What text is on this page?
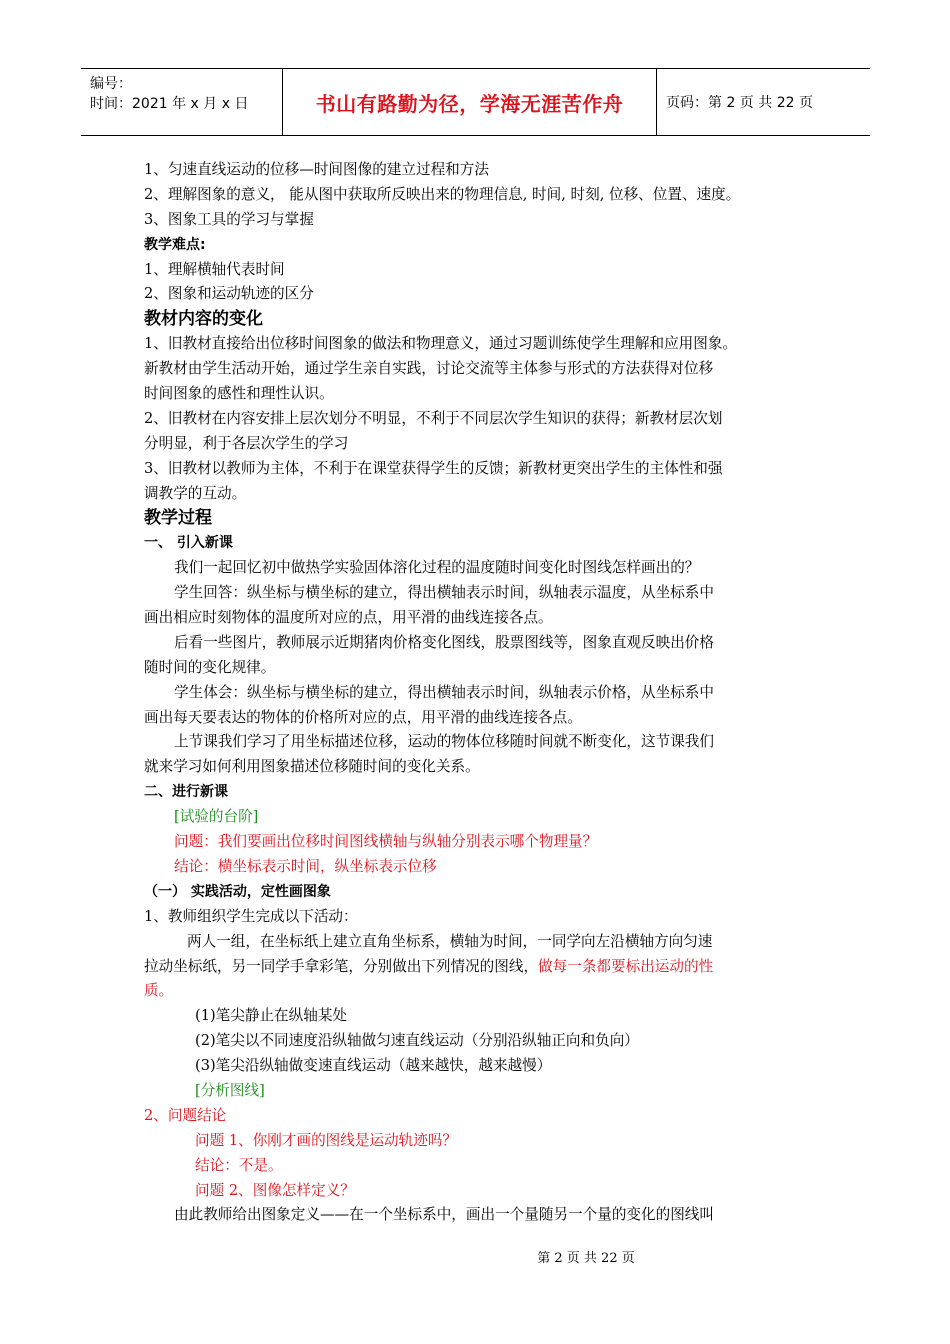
编号：
时间：2021 年 x 月 x 日	书山有路勤为径，学海无涯苦作舟	页码：第 2 页 共 22 页
1、匀速直线运动的位移—时间图像的建立过程和方法
2、理解图象的意义， 能从图中获取所反映出来的物理信息, 时间, 时刻, 位移、位置、速度。
3、图象工具的学习与掌握
教学难点:
1、理解横轴代表时间
2、图象和运动轨迹的区分
教材内容的变化
1、旧教材直接给出位移时间图象的做法和物理意义，通过习题训练使学生理解和应用图象。
新教材由学生活动开始，通过学生亲自实践，讨论交流等主体参与形式的方法获得对位移
时间图象的感性和理性认识。
2、旧教材在内容安排上层次划分不明显，不利于不同层次学生知识的获得；新教材层次划
分明显，利于各层次学生的学习
3、旧教材以教师为主体，不利于在课堂获得学生的反馈；新教材更突出学生的主体性和强
调教学的互动。
教学过程
一、 引入新课
我们一起回忆初中做热学实验固体溶化过程的温度随时间变化时图线怎样画出的？
学生回答：纵坐标与横坐标的建立，得出横轴表示时间，纵轴表示温度，从坐标系中
画出相应时刻物体的温度所对应的点，用平滑的曲线连接各点。
后看一些图片，教师展示近期猪肉价格变化图线，股票图线等，图象直观反映出价格
随时间的变化规律。
学生体会：纵坐标与横坐标的建立，得出横轴表示时间，纵轴表示价格，从坐标系中
画出每天要表达的物体的价格所对应的点，用平滑的曲线连接各点。
上节课我们学习了用坐标描述位移，运动的物体位移随时间就不断变化，这节课我们
就来学习如何利用图象描述位移随时间的变化关系。
二、进行新课
[试验的台阶]
问题：我们要画出位移时间图线横轴与纵轴分别表示哪个物理量？
结论：横坐标表示时间，纵坐标表示位移
（一） 实践活动，定性画图象
1、教师组织学生完成以下活动：
两人一组，在坐标纸上建立直角坐标系，横轴为时间，一同学向左沿横轴方向匀速
拉动坐标纸，另一同学手拿彩笔，分别做出下列情况的图线，做每一条都要标出运动的性
质。
(1)笔尖静止在纵轴某处
(2)笔尖以不同速度沿纵轴做匀速直线运动（分别沿纵轴正向和负向）
(3)笔尖沿纵轴做变速直线运动（越来越快，越来越慢）
[分析图线]
2、问题结论
问题 1、你刚才画的图线是运动轨迹吗？
结论：不是。
问题 2、图像怎样定义？
由此教师给出图象定义——在一个坐标系中，画出一个量随另一个量的变化的图线叫
第 2 页 共 22 页
